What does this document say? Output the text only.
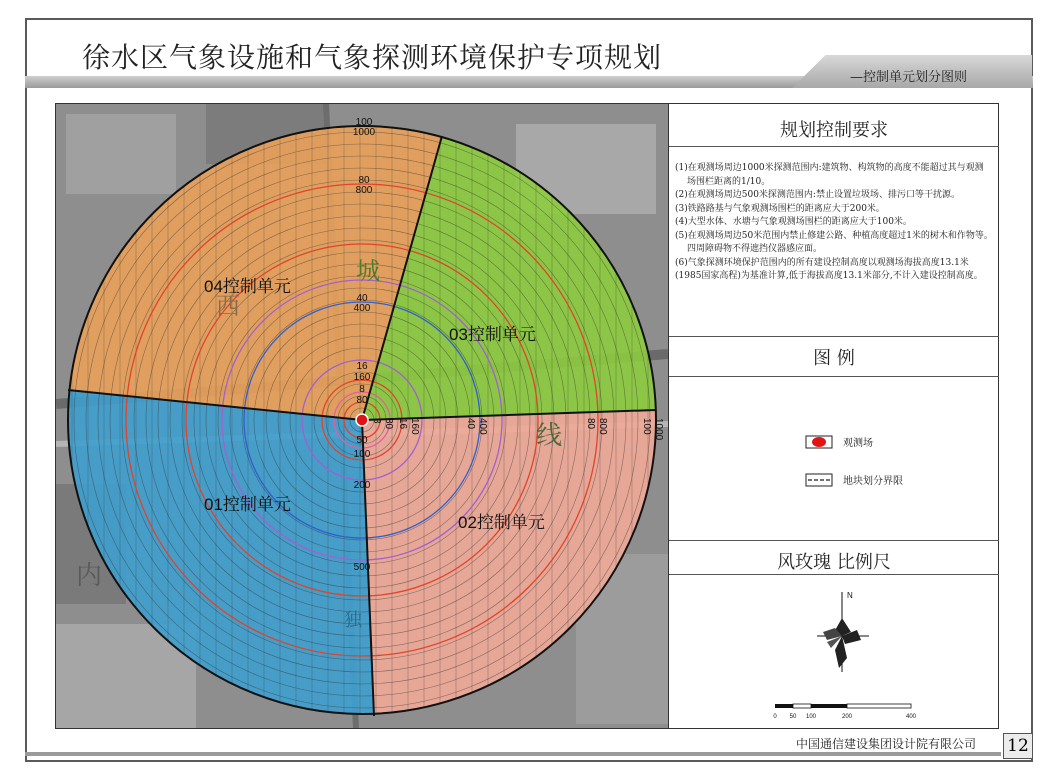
徐水区气象设施和气象探测环境保护专项规划
—控制单元划分图则
内
线
西
城
独
04控制单元
03控制单元
01控制单元
02控制单元
100
1000
80
800
40
400
16
160
8
80
8 80 16 160	40 400	80 800	100 1000
50
100
200
500
规划控制要求
(1)在观测场周边1000米探测范围内:建筑物、构筑物的高度不能超过其与观测
场围栏距离的1/10。
(2)在观测场周边500米探测范围内:禁止设置垃圾场、排污口等干扰源。
(3)铁路路基与气象观测场围栏的距离应大于200米。
(4)大型水体、水塘与气象观测场围栏的距离应大于100米。
(5)在观测场周边50米范围内禁止修建公路、种植高度超过1米的树木和作物等。
四周障碍物不得遮挡仪器感应面。
(6)气象探测环境保护范围内的所有建设控制高度以观测场海拔高度13.1米
(1985国家高程)为基准计算,低于海拔高度13.1米部分,不计入建设控制高度。
图 例
观测场
地块划分界限
风玫瑰 比例尺
N
0 50 100	200	400
中国通信建设集团设计院有限公司 12
